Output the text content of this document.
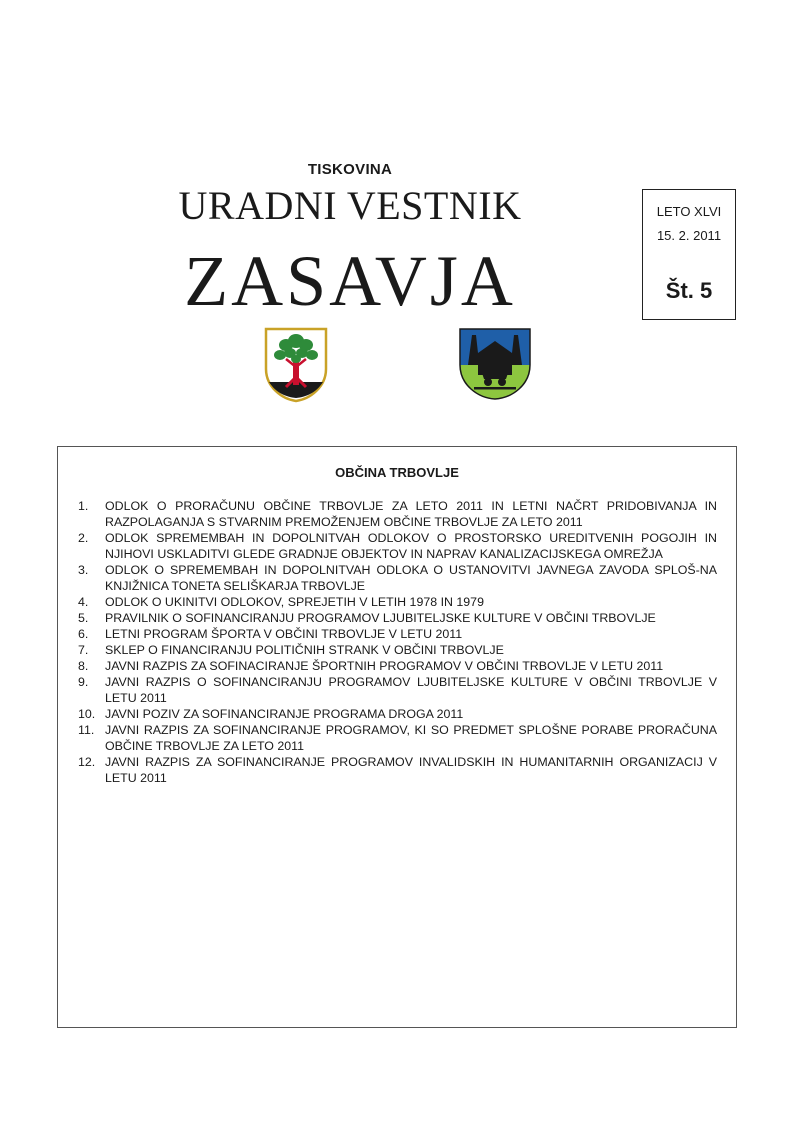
TISKOVINA
URADNI VESTNIK
ZASAVJA
LETO XLVI
15. 2. 2011
Št. 5
OBČINA TRBOVLJE
1.	ODLOK O PRORAČUNU OBČINE TRBOVLJE ZA LETO 2011 IN LETNI NAČRT PRIDOBIVANJA IN RAZPOLAGANJA S STVARNIM PREMOŽENJEM OBČINE TRBOVLJE ZA LETO 2011
2.	ODLOK SPREMEMBAH IN DOPOLNITVAH ODLOKOV O PROSTORSKO UREDITVENIH POGOJIH IN NJIHOVI USKLADITVI GLEDE GRADNJE OBJEKTOV IN NAPRAV KANALIZACIJSKEGA OMREŽJA
3.	ODLOK O SPREMEMBAH IN DOPOLNITVAH ODLOKA O USTANOVITVI JAVNEGA ZAVODA SPLOŠ-NA KNJIŽNICA TONETA SELIŠKARJA TRBOVLJE
4.	ODLOK O UKINITVI ODLOKOV, SPREJETIH V LETIH 1978 IN 1979
5.	PRAVILNIK O SOFINANCIRANJU PROGRAMOV LJUBITELJSKE KULTURE V OBČINI TRBOVLJE
6.	LETNI PROGRAM ŠPORTA V OBČINI TRBOVLJE V LETU 2011
7.	SKLEP O FINANCIRANJU POLITIČNIH STRANK V OBČINI TRBOVLJE
8.	JAVNI RAZPIS ZA SOFINACIRANJE ŠPORTNIH PROGRAMOV V OBČINI TRBOVLJE V LETU 2011
9.	JAVNI RAZPIS O SOFINANCIRANJU PROGRAMOV LJUBITELJSKE KULTURE V OBČINI TRBOVLJE V LETU 2011
10. JAVNI POZIV ZA SOFINANCIRANJE PROGRAMA DROGA 2011
11. JAVNI RAZPIS ZA SOFINANCIRANJE PROGRAMOV, KI SO PREDMET SPLOŠNE PORABE PRORAČUNA OBČINE TRBOVLJE ZA LETO 2011
12. JAVNI RAZPIS ZA SOFINANCIRANJE PROGRAMOV INVALIDSKIH IN HUMANITARNIH ORGANIZACIJ V LETU 2011
